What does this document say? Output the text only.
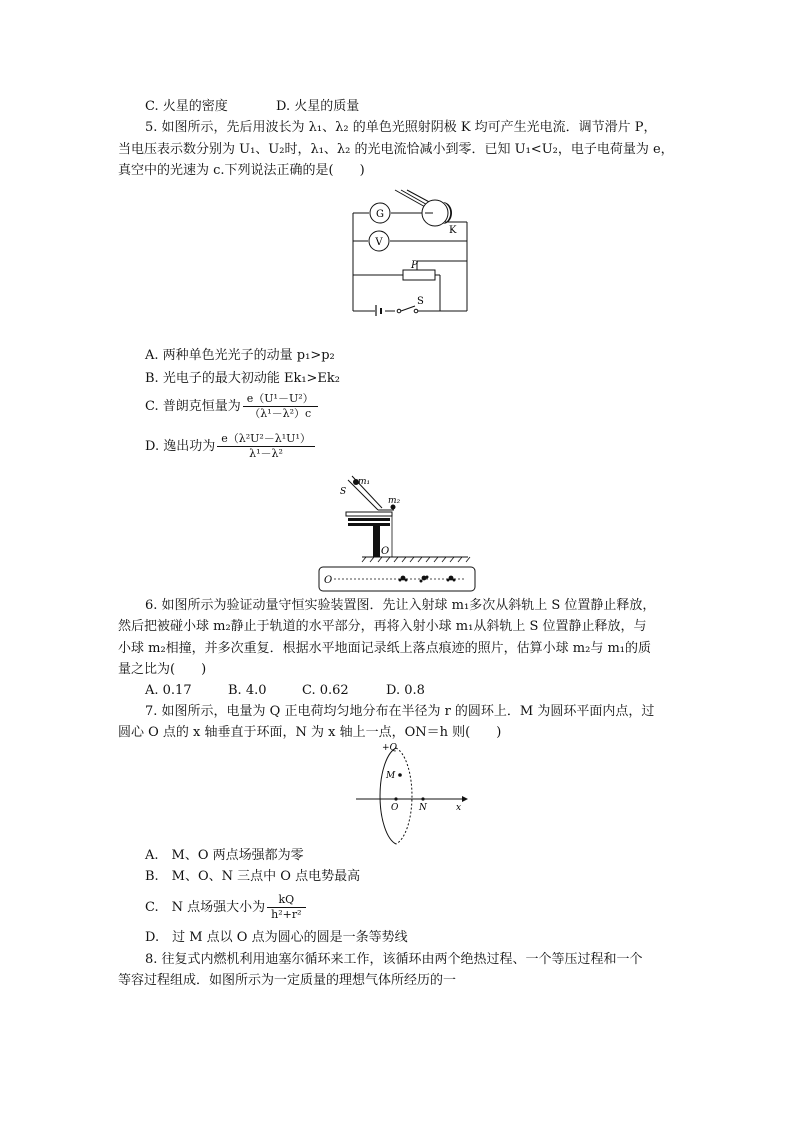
C. 火星的密度	D. 火星的质量
5. 如图所示，先后用波长为 λ₁、λ₂ 的单色光照射阴极 K 均可产生光电流．调节滑片 P，
当电压表示数分别为 U₁、U₂时，λ₁、λ₂ 的光电流恰减小到零．已知 U₁<U₂，电子电荷量为 e，
真空中的光速为 c.下列说法正确的是(　　)
G
V
K
P
S
A. 两种单色光光子的动量 p₁>p₂
B. 光电子的最大初动能 Ek₁>Ek₂
C. 普朗克恒量为 $\frac{\text{e（U¹－U²）}}{\text{（λ¹－λ²）c}}$
D. 逸出功为 $\frac{\text{e（λ²U²－λ¹U¹）}}{\text{λ¹－λ²}}$
S
m₁
m₂
O
O
6. 如图所示为验证动量守恒实验装置图．先让入射球 m₁多次从斜轨上 S 位置静止释放，
然后把被碰小球 m₂静止于轨道的水平部分，再将入射小球 m₁从斜轨上 S 位置静止释放，与
小球 m₂相撞，并多次重复．根据水平地面记录纸上落点痕迹的照片，估算小球 m₂与 m₁的质
量之比为(　　)
A. 0.17	B. 4.0	C. 0.62	D. 0.8
7. 如图所示，电量为 Q 正电荷均匀地分布在半径为 r 的圆环上．M 为圆环平面内点，过
圆心 O 点的 x 轴垂直于环面，N 为 x 轴上一点，ON＝h 则(　　)
+Q
M
O N	x
A.　M、O 两点场强都为零
B.　M、O、N 三点中 O 点电势最高
C.　N 点场强大小为 $\frac{kQ}{\text{h²+r²}}$
D.　过 M 点以 O 点为圆心的圆是一条等势线
8. 往复式内燃机利用迪塞尔循环来工作，该循环由两个绝热过程、一个等压过程和一个
等容过程组成．如图所示为一定质量的理想气体所经历的一
